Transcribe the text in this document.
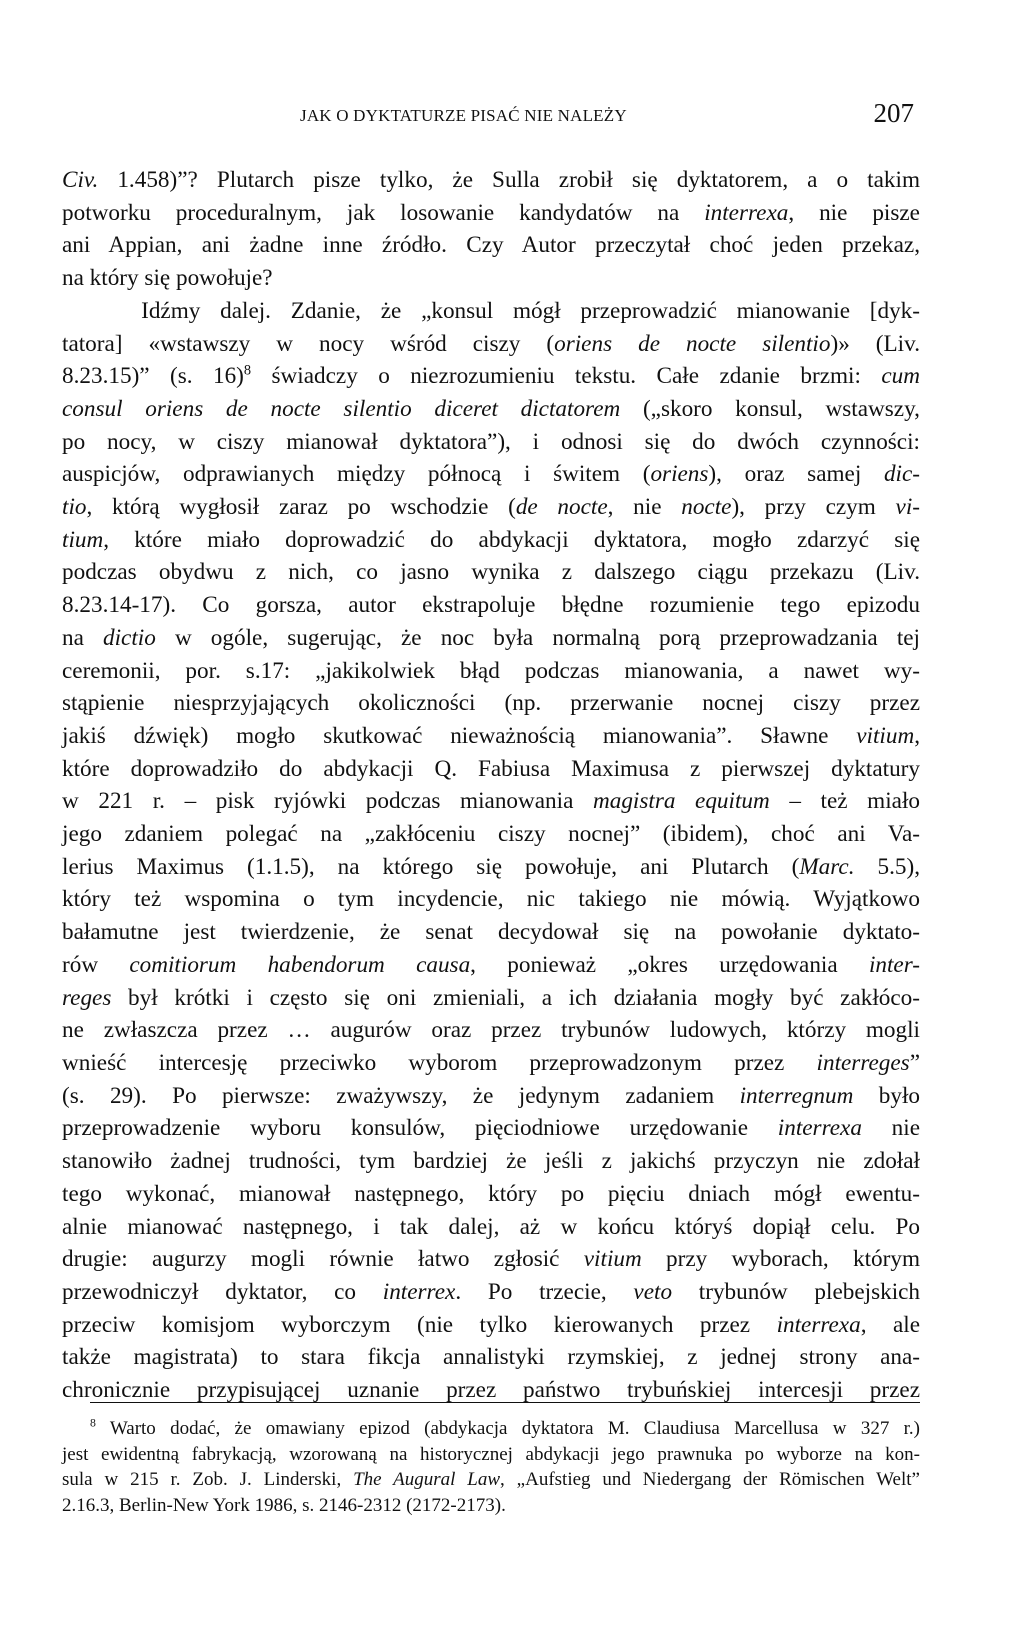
JAK O DYKTATURZE PISAĆ NIE NALEŻY	207
Civ. 1.458)”? Plutarch pisze tylko, że Sulla zrobił się dyktatorem, a o takim
potworku proceduralnym, jak losowanie kandydatów na interrexa, nie pisze
ani Appian, ani żadne inne źródło. Czy Autor przeczytał choć jeden przekaz,
na który się powołuje?
Idźmy dalej. Zdanie, że „konsul mógł przeprowadzić mianowanie [dyk-
tatora] «wstawszy w nocy wśród ciszy (oriens de nocte silentio)» (Liv.
8.23.15)” (s. 16)$^8$ świadczy o niezrozumieniu tekstu. Całe zdanie brzmi: cum
consul oriens de nocte silentio diceret dictatorem („skoro konsul, wstawszy,
po nocy, w ciszy mianował dyktatora”), i odnosi się do dwóch czynności:
auspicjów, odprawianych między północą i świtem (oriens), oraz samej dic-
tio, którą wygłosił zaraz po wschodzie (de nocte, nie nocte), przy czym vi-
tium, które miało doprowadzić do abdykacji dyktatora, mogło zdarzyć się
podczas obydwu z nich, co jasno wynika z dalszego ciągu przekazu (Liv.
8.23.14-17). Co gorsza, autor ekstrapoluje błędne rozumienie tego epizodu
na dictio w ogóle, sugerując, że noc była normalną porą przeprowadzania tej
ceremonii, por. s.17: „jakikolwiek błąd podczas mianowania, a nawet wy-
stąpienie niesprzyjających okoliczności (np. przerwanie nocnej ciszy przez
jakiś dźwięk) mogło skutkować nieważnością mianowania”. Sławne vitium,
które doprowadziło do abdykacji Q. Fabiusa Maximusa z pierwszej dyktatury
w 221 r. – pisk ryjówki podczas mianowania magistra equitum – też miało
jego zdaniem polegać na „zakłóceniu ciszy nocnej” (ibidem), choć ani Va-
lerius Maximus (1.1.5), na którego się powołuje, ani Plutarch (Marc. 5.5),
który też wspomina o tym incydencie, nic takiego nie mówią. Wyjątkowo
bałamutne jest twierdzenie, że senat decydował się na powołanie dyktato-
rów comitiorum habendorum causa, ponieważ „okres urzędowania inter-
reges był krótki i często się oni zmieniali, a ich działania mogły być zakłóco-
ne zwłaszcza przez … augurów oraz przez trybunów ludowych, którzy mogli
wnieść intercesję przeciwko wyborom przeprowadzonym przez interreges”
(s. 29). Po pierwsze: zważywszy, że jedynym zadaniem interregnum było
przeprowadzenie wyboru konsulów, pięciodniowe urzędowanie interrexa nie
stanowiło żadnej trudności, tym bardziej że jeśli z jakichś przyczyn nie zdołał
tego wykonać, mianował następnego, który po pięciu dniach mógł ewentu-
alnie mianować następnego, i tak dalej, aż w końcu któryś dopiął celu. Po
drugie: augurzy mogli równie łatwo zgłosić vitium przy wyborach, którym
przewodniczył dyktator, co interrex. Po trzecie, veto trybunów plebejskich
przeciw komisjom wyborczym (nie tylko kierowanych przez interrexa, ale
także magistrata) to stara fikcja annalistyki rzymskiej, z jednej strony ana-
chronicznie przypisującej uznanie przez państwo trybuńskiej intercesji przez
$^8$ Warto dodać, że omawiany epizod (abdykacja dyktatora M. Claudiusa Marcellusa w 327 r.)
jest ewidentną fabrykacją, wzorowaną na historycznej abdykacji jego prawnuka po wyborze na kon-
sula w 215 r. Zob. J. Linderski, The Augural Law, „Aufstieg und Niedergang der Römischen Welt”
2.16.3, Berlin-New York 1986, s. 2146-2312 (2172-2173).
